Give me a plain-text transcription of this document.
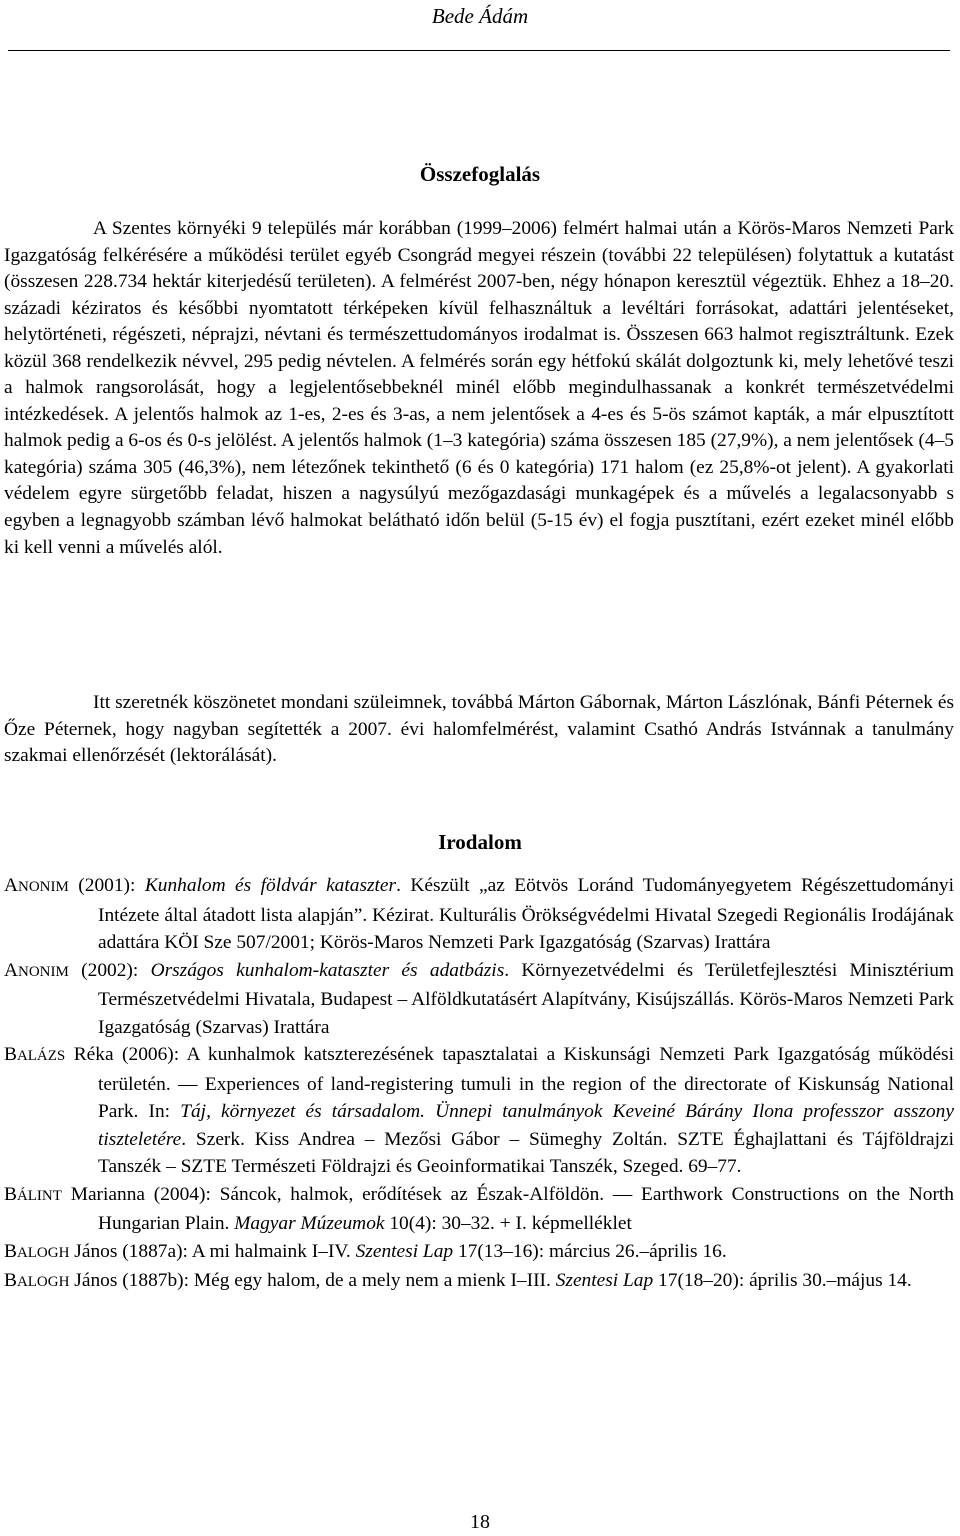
Bede Ádám
Összefoglalás

A Szentes környéki 9 település már korábban (1999–2006) felmért halmai után a Körös-Maros Nemzeti Park Igazgatóság felkérésére a működési terület egyéb Csongrád megyei részein (további 22 településen) folytattuk a kutatást (összesen 228.734 hektár kiterjedésű területen). A felmérést 2007-ben, négy hónapon keresztül végeztük. Ehhez a 18–20. századi kéziratos és későbbi nyomtatott térképeken kívül felhasználtuk a levéltári forrásokat, adattári jelentéseket, helytörténeti, régészeti, néprajzi, névtani és természettudományos irodalmat is. Összesen 663 halmot regisztráltunk. Ezek közül 368 rendelkezik névvel, 295 pedig névtelen. A felmérés során egy hétfokú skálát dolgoztunk ki, mely lehetővé teszi a halmok rangsorolását, hogy a legjelentősebbeknél minél előbb megindulhassanak a konkrét természetvédelmi intézkedések. A jelentős halmok az 1-es, 2-es és 3-as, a nem jelentősek a 4-es és 5-ös számot kapták, a már elpusztított halmok pedig a 6-os és 0-s jelölést. A jelentős halmok (1–3 kategória) száma összesen 185 (27,9%), a nem jelentősek (4–5 kategória) száma 305 (46,3%), nem létezőnek tekinthető (6 és 0 kategória) 171 halom (ez 25,8%-ot jelent). A gyakorlati védelem egyre sürgetőbb feladat, hiszen a nagysúlyú mezőgazdasági munkagépek és a művelés a legalacsonyabb s egyben a legnagyobb számban lévő halmokat belátható időn belül (5-15 év) el fogja pusztítani, ezért ezeket minél előbb ki kell venni a művelés alól.

Itt szeretnék köszönetet mondani szüleimnek, továbbá Márton Gábornak, Márton Lászlónak, Bánfi Péternek és Őze Péternek, hogy nagyban segítették a 2007. évi halomfelmérést, valamint Csathó András Istvánnak a tanulmány szakmai ellenőrzését (lektorálását).

Irodalom

ANONIM (2001): Kunhalom és földvár kataszter. Készült „az Eötvös Loránd Tudományegyetem Régészettudományi Intézete által átadott lista alapján”. Kézirat. Kulturális Örökségvédelmi Hivatal Szegedi Regionális Irodájának adattára KÖI Sze 507/2001; Körös-Maros Nemzeti Park Igazgatóság (Szarvas) Irattára

ANONIM (2002): Országos kunhalom-kataszter és adatbázis. Környezetvédelmi és Területfejlesztési Minisztérium Természetvédelmi Hivatala, Budapest – Alföldkutatásért Alapítvány, Kisújszállás. Körös-Maros Nemzeti Park Igazgatóság (Szarvas) Irattára

BALÁZS Réka (2006): A kunhalmok katszterezésének tapasztalatai a Kiskunsági Nemzeti Park Igazgatóság működési területén. — Experiences of land-registering tumuli in the region of the directorate of Kiskunság National Park. In: Táj, környezet és társadalom. Ünnepi tanulmányok Keveiné Bárány Ilona professzor asszony tiszteletére. Szerk. Kiss Andrea – Mezősi Gábor – Sümeghy Zoltán. SZTE Éghajlattani és Tájföldrajzi Tanszék – SZTE Természeti Földrajzi és Geoinformatikai Tanszék, Szeged. 69–77.

BÁLINT Marianna (2004): Sáncok, halmok, erődítések az Észak-Alföldön. — Earthwork Constructions on the North Hungarian Plain. Magyar Múzeumok 10(4): 30–32. + I. képmelléklet

BALOGH János (1887a): A mi halmaink I–IV. Szentesi Lap 17(13–16): március 26.–április 16.

BALOGH János (1887b): Még egy halom, de a mely nem a mienk I–III. Szentesi Lap 17(18–20): április 30.–május 14.

18
